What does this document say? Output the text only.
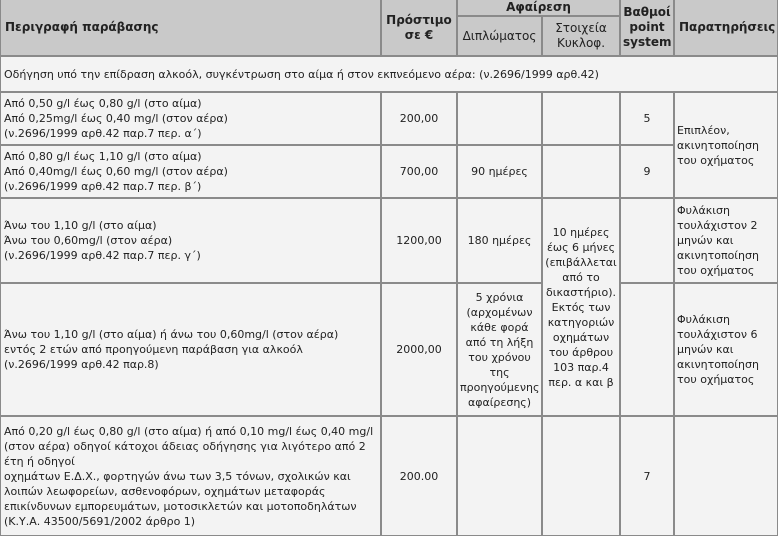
Περιγραφή παράβασης	Πρόστιμο σε €	Αφαίρεση		Βαθμοί point system	Παρατηρήσεις
		Διπλώματος	Στοιχεία Κυκλοφ.		
Οδήγηση υπό την επίδραση αλκοόλ, συγκέντρωση στο αίμα ή στον εκπνεόμενο αέρα: (ν.2696/1999 αρθ.42)					

Από 0,50 g/l έως 0,80 g/l (στο αίμα)
Από 0,25mg/l έως 0,40 mg/l (στον αέρα)
(ν.2696/1999 αρθ.42 παρ.7 περ. α΄)	200,00			5	Επιπλέον, ακινητοποίηση του οχήματος

Από 0,80 g/l έως 1,10 g/l (στο αίμα)
Από 0,40mg/l έως 0,60 mg/l (στον αέρα)
(ν.2696/1999 αρθ.42 παρ.7 περ. β΄)	700,00	90 ημέρες		9	

Άνω του 1,10 g/l (στο αίμα)
Άνω του 0,60mg/l (στον αέρα)
(ν.2696/1999 αρθ.42 παρ.7 περ. γ΄)	1200,00	180 ημέρες	10 ημέρες έως 6 μήνες (επιβάλλεται από το δικαστήριο). Εκτός των κατηγοριών οχημάτων του άρθρου 103 παρ.4 περ. α και β		Φυλάκιση τουλάχιστον 2 μηνών και ακινητοποίηση του οχήματος

Άνω του 1,10 g/l (στο αίμα) ή άνω του 0,60mg/l (στον αέρα)
εντός 2 ετών από προηγούμενη παράβαση για αλκοόλ
(ν.2696/1999 αρθ.42 παρ.8)	2000,00	5 χρόνια (αρχομένων κάθε φορά από τη λήξη του χρόνου της προηγούμενης αφαίρεσης)			Φυλάκιση τουλάχιστον 6 μηνών και ακινητοποίηση του οχήματος

Από 0,20 g/l έως 0,80 g/l (στο αίμα) ή από 0,10 mg/l έως 0,40 mg/l (στον αέρα) οδηγοί κάτοχοι άδειας οδήγησης για λιγότερο από 2 έτη ή οδηγοί
οχημάτων Ε.Δ.Χ., φορτηγών άνω των 3,5 τόνων, σχολικών και λοιπών λεωφορείων, ασθενοφόρων, οχημάτων μεταφοράς επικίνδυνων εμπορευμάτων, μοτοσικλετών και μοτοποδηλάτων
(Κ.Υ.Α. 43500/5691/2002 άρθρο 1)	200.00			7	
